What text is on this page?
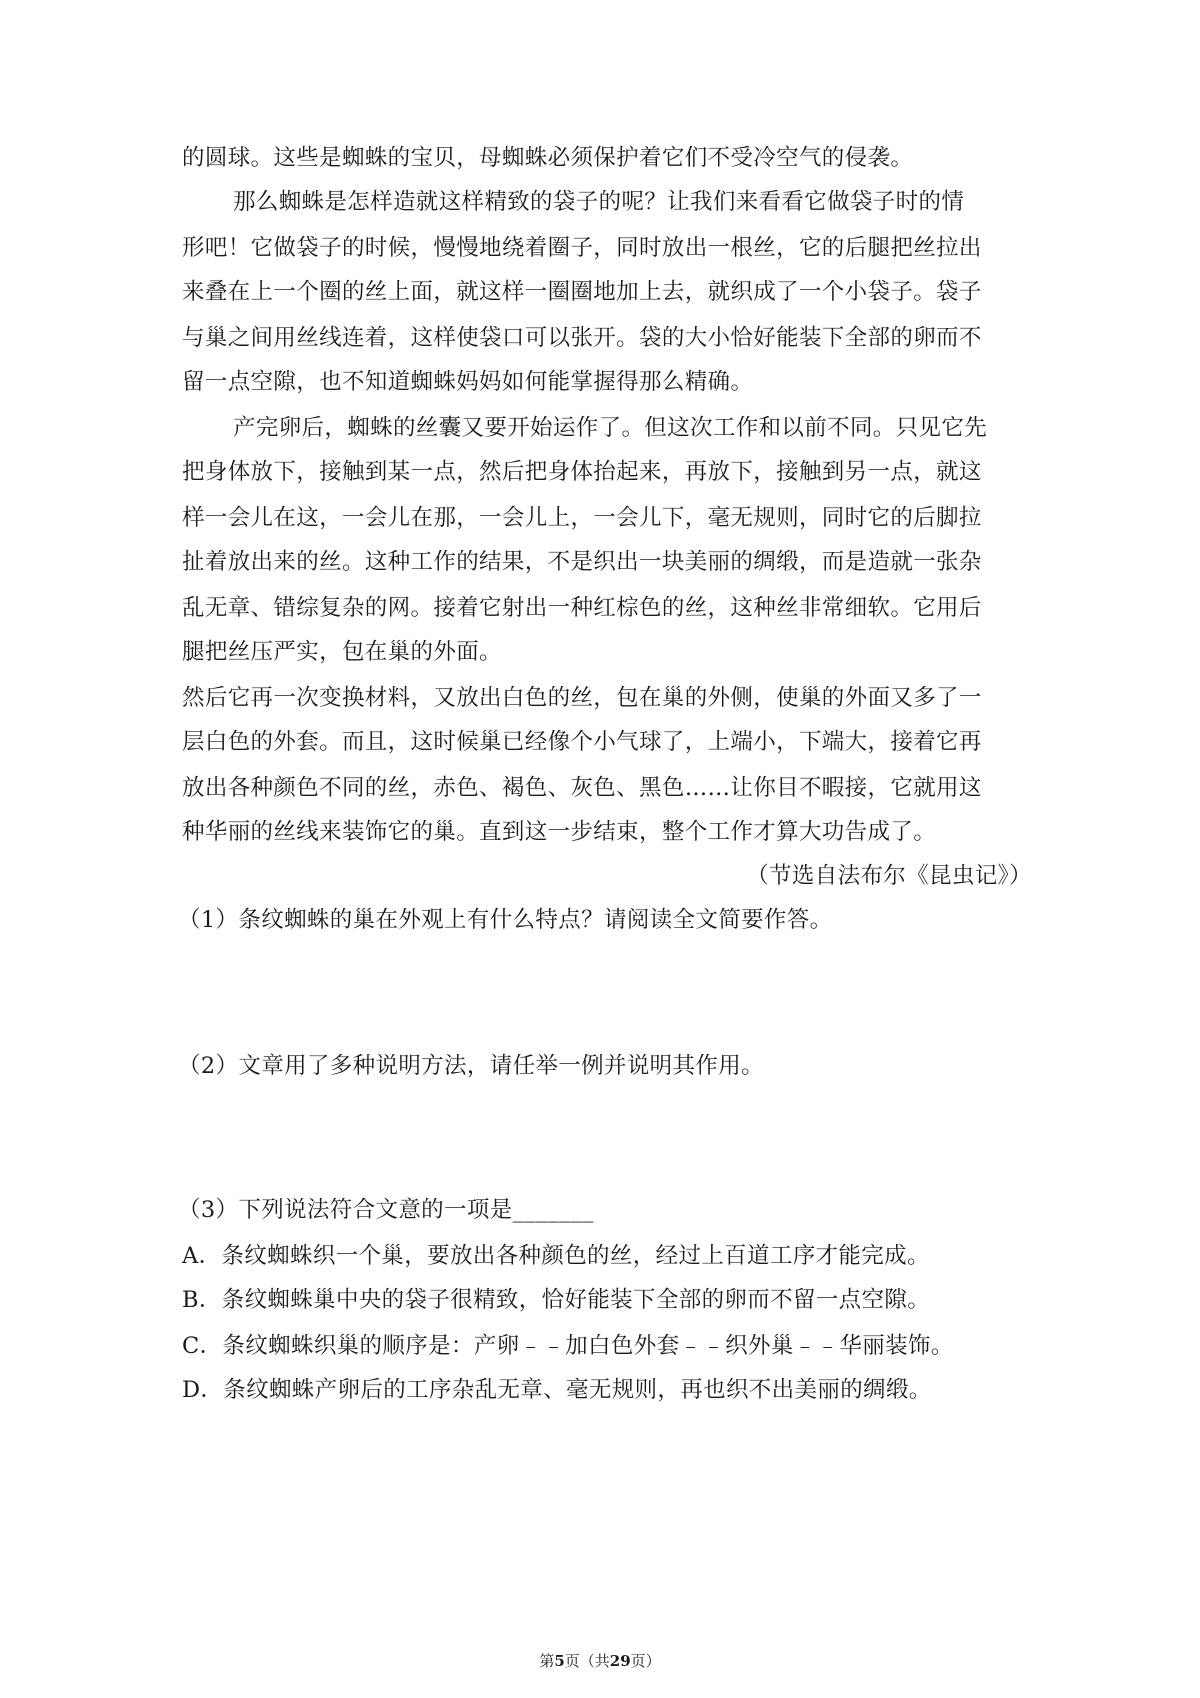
的圆球。这些是蜘蛛的宝贝，母蜘蛛必须保护着它们不受冷空气的侵袭。
那么蜘蛛是怎样造就这样精致的袋子的呢？让我们来看看它做袋子时的情
形吧！它做袋子的时候，慢慢地绕着圈子，同时放出一根丝，它的后腿把丝拉出
来叠在上一个圈的丝上面，就这样一圈圈地加上去，就织成了一个小袋子。袋子
与巢之间用丝线连着，这样使袋口可以张开。袋的大小恰好能装下全部的卵而不
留一点空隙，也不知道蜘蛛妈妈如何能掌握得那么精确。
产完卵后，蜘蛛的丝囊又要开始运作了。但这次工作和以前不同。只见它先
把身体放下，接触到某一点，然后把身体抬起来，再放下，接触到另一点，就这
样一会儿在这，一会儿在那，一会儿上，一会儿下，毫无规则，同时它的后脚拉
扯着放出来的丝。这种工作的结果，不是织出一块美丽的绸缎，而是造就一张杂
乱无章、错综复杂的网。接着它射出一种红棕色的丝，这种丝非常细软。它用后
腿把丝压严实，包在巢的外面。
然后它再一次变换材料，又放出白色的丝，包在巢的外侧，使巢的外面又多了一
层白色的外套。而且，这时候巢已经像个小气球了，上端小，下端大，接着它再
放出各种颜色不同的丝，赤色、褐色、灰色、黑色……让你目不暇接，它就用这
种华丽的丝线来装饰它的巢。直到这一步结束，整个工作才算大功告成了。
（节选自法布尔《昆虫记》）
（1）条纹蜘蛛的巢在外观上有什么特点？请阅读全文简要作答。
（2）文章用了多种说明方法，请任举一例并说明其作用。
（3）下列说法符合文意的一项是_______
A．条纹蜘蛛织一个巢，要放出各种颜色的丝，经过上百道工序才能完成。
B．条纹蜘蛛巢中央的袋子很精致，恰好能装下全部的卵而不留一点空隙。
C．条纹蜘蛛织巢的顺序是：产卵﹣﹣加白色外套﹣﹣织外巢﹣﹣华丽装饰。
D．条纹蜘蛛产卵后的工序杂乱无章、毫无规则，再也织不出美丽的绸缎。
第5页（共29页）
